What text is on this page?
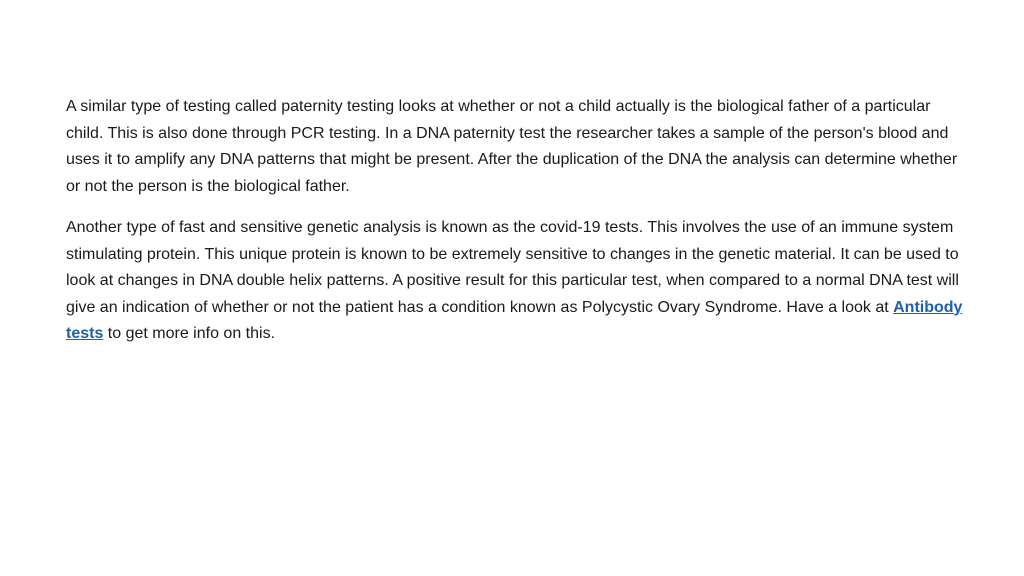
A similar type of testing called paternity testing looks at whether or not a child actually is the biological father of a particular child. This is also done through PCR testing. In a DNA paternity test the researcher takes a sample of the person's blood and uses it to amplify any DNA patterns that might be present. After the duplication of the DNA the analysis can determine whether or not the person is the biological father.

Another type of fast and sensitive genetic analysis is known as the covid-19 tests. This involves the use of an immune system stimulating protein. This unique protein is known to be extremely sensitive to changes in the genetic material. It can be used to look at changes in DNA double helix patterns. A positive result for this particular test, when compared to a normal DNA test will give an indication of whether or not the patient has a condition known as Polycystic Ovary Syndrome. Have a look at Antibody tests to get more info on this.
